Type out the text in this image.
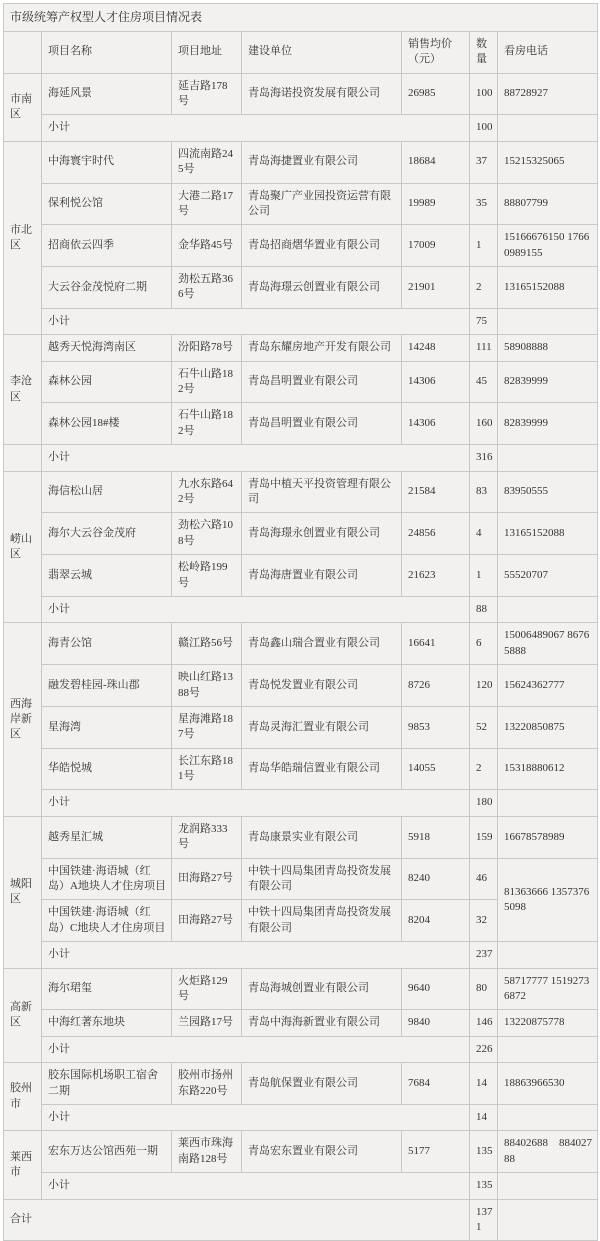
市级统筹产权型人才住房项目情况表						
	项目名称	项目地址	建设单位	销售均价（元）	数量	看房电话
市南区	海延风景	延吉路178号	青岛海诺投资发展有限公司	26985	100	88728927
	小计				100	
市北区	中海寰宇时代	四流南路245号	青岛海捷置业有限公司	18684	37	15215325065
	保利悦公馆	大港二路17号	青岛聚广产业园投资运营有限公司	19989	35	88807799
	招商依云四季	金华路45号	青岛招商熠华置业有限公司	17009	1	15166676150 17660989155
	大云谷金茂悦府二期	劲松五路366号	青岛海璟云创置业有限公司	21901	2	13165152088
	小计				75	
李沧区	越秀天悦海湾南区	汾阳路78号	青岛东耀房地产开发有限公司	14248	111	58908888
	森林公园	石牛山路182号	青岛昌明置业有限公司	14306	45	82839999
	森林公园18#楼	石牛山路182号	青岛昌明置业有限公司	14306	160	82839999
	小计				316	
崂山区	海信松山居	九水东路642号	青岛中植天平投资管理有限公司	21584	83	83950555
	海尔大云谷金茂府	劲松六路108号	青岛海璟永创置业有限公司	24856	4	13165152088
	翡翠云城	松岭路199号	青岛海唐置业有限公司	21623	1	55520707
	小计				88	
西海岸新区	海青公馆	赣江路56号	青岛鑫山瑞合置业有限公司	16641	6	15006489067 86765888
	融发碧桂园-珠山郡	映山红路1388号	青岛悦发置业有限公司	8726	120	15624362777
	星海湾	星海滩路187号	青岛灵海汇置业有限公司	9853	52	13220850875
	华皓悦城	长江东路181号	青岛华皓瑞信置业有限公司	14055	2	15318880612
	小计				180	
城阳区	越秀星汇城	龙润路333号	青岛康景实业有限公司	5918	159	16678578989
	中国铁建·海语城（红岛）A地块人才住房项目	田海路27号	中铁十四局集团青岛投资发展有限公司	8240	46	81363666 13573765098
	中国铁建·海语城（红岛）C地块人才住房项目	田海路27号	中铁十四局集团青岛投资发展有限公司	8204	32	
	小计				237	
高新区	海尔珺玺	火炬路129号	青岛海城创置业有限公司	9640	80	58717777 15192736872
	中海红著东地块	兰园路17号	青岛中海海新置业有限公司	9840	146	13220875778
	小计				226	
胶州市	胶东国际机场职工宿舍二期	胶州市扬州东路220号	青岛航保置业有限公司	7684	14	18863966530
	小计				14	
莱西市	宏东万达公馆西苑一期	莱西市珠海南路128号	青岛宏东置业有限公司	5177	135	88402688　88402788
	小计				135	
合计					1371	
